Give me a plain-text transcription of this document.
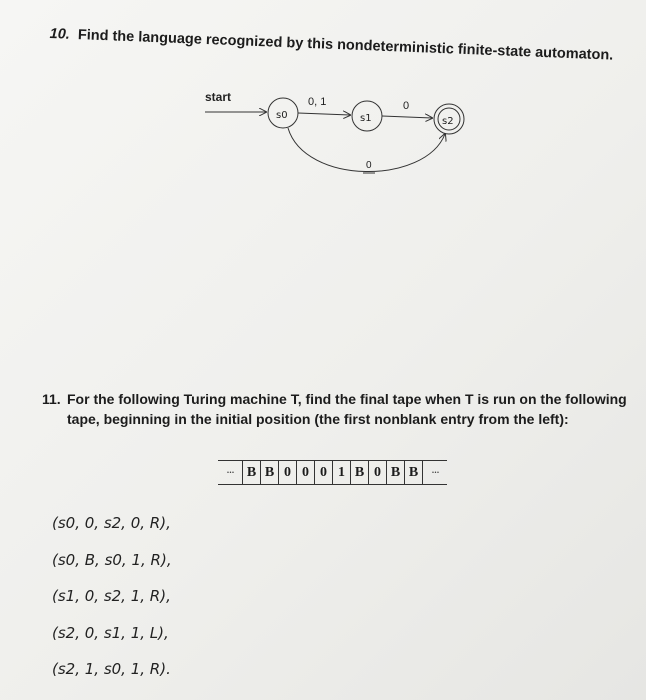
10. Find the language recognized by this nondeterministic finite-state automaton.
start
s0
0, 1
s1
0
s2
0
11. For the following Turing machine T, find the final tape when T is run on the following tape, beginning in the initial position (the first nonblank entry from the left):
··· B B 0 0 0 1 B 0 B B	···
(s0, 0, s2, 0, R),
(s0, B, s0, 1, R),
(s1, 0, s2, 1, R),
(s2, 0, s1, 1, L),
(s2, 1, s0, 1, R).
